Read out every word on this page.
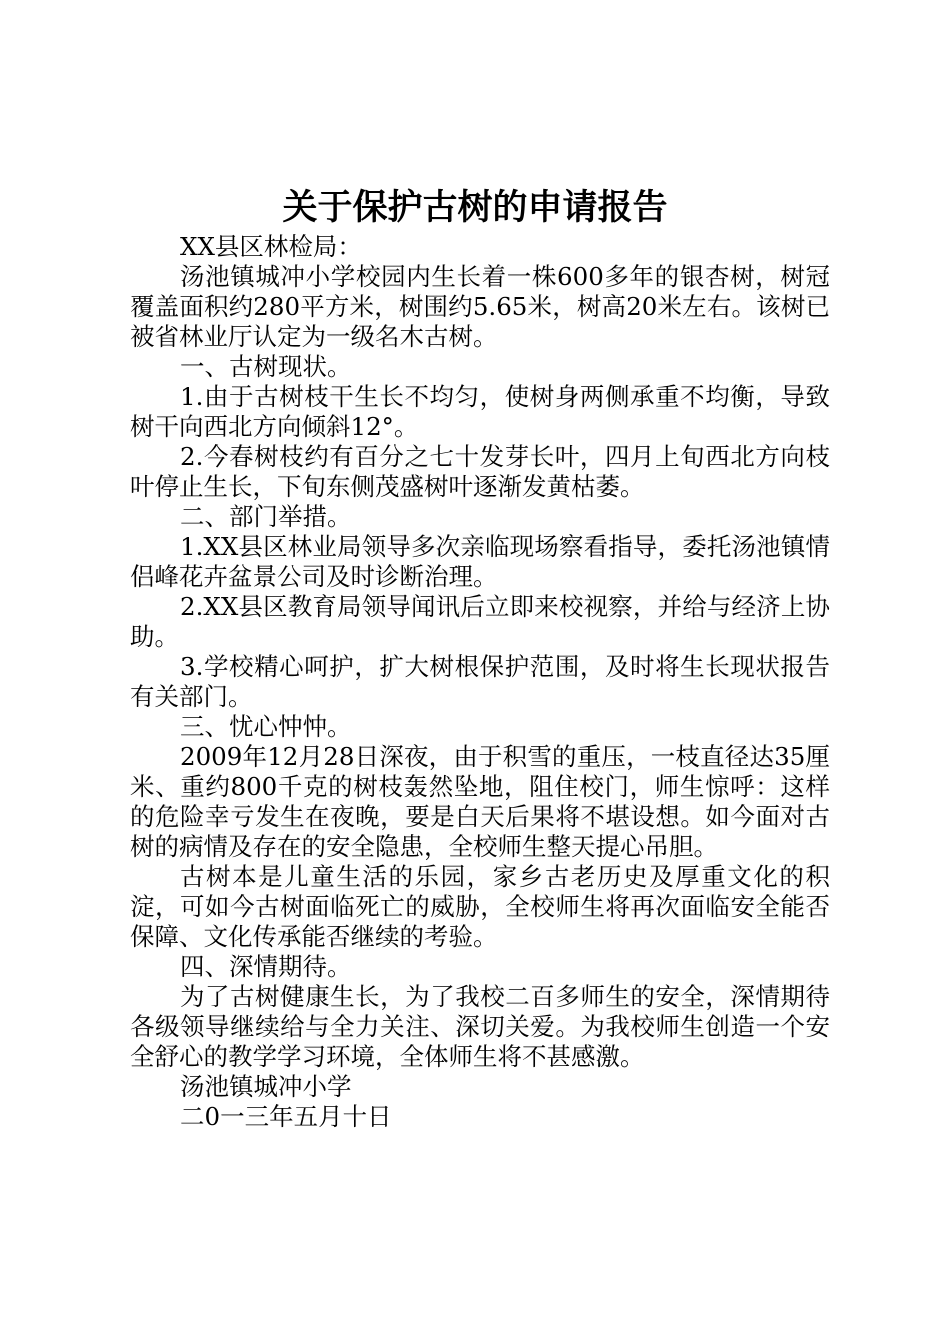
关于保护古树的申请报告

XX县区林检局：

汤池镇城冲小学校园内生长着一株600多年的银杏树，树冠覆盖面积约280平方米，树围约5.65米，树高20米左右。该树已被省林业厅认定为一级名木古树。

一、古树现状。

1.由于古树枝干生长不均匀，使树身两侧承重不均衡，导致树干向西北方向倾斜12°。

2.今春树枝约有百分之七十发芽长叶，四月上旬西北方向枝叶停止生长，下旬东侧茂盛树叶逐渐发黄枯萎。

二、部门举措。

1.XX县区林业局领导多次亲临现场察看指导，委托汤池镇情侣峰花卉盆景公司及时诊断治理。

2.XX县区教育局领导闻讯后立即来校视察，并给与经济上协助。

3.学校精心呵护，扩大树根保护范围，及时将生长现状报告有关部门。

三、忧心忡忡。

2009年12月28日深夜，由于积雪的重压，一枝直径达35厘米、重约800千克的树枝轰然坠地，阻住校门，师生惊呼：这样的危险幸亏发生在夜晚，要是白天后果将不堪设想。如今面对古树的病情及存在的安全隐患，全校师生整天提心吊胆。

古树本是儿童生活的乐园，家乡古老历史及厚重文化的积淀，可如今古树面临死亡的威胁，全校师生将再次面临安全能否保障、文化传承能否继续的考验。

四、深情期待。

为了古树健康生长，为了我校二百多师生的安全，深情期待各级领导继续给与全力关注、深切关爱。为我校师生创造一个安全舒心的教学学习环境，全体师生将不甚感激。

汤池镇城冲小学

二0一三年五月十日
